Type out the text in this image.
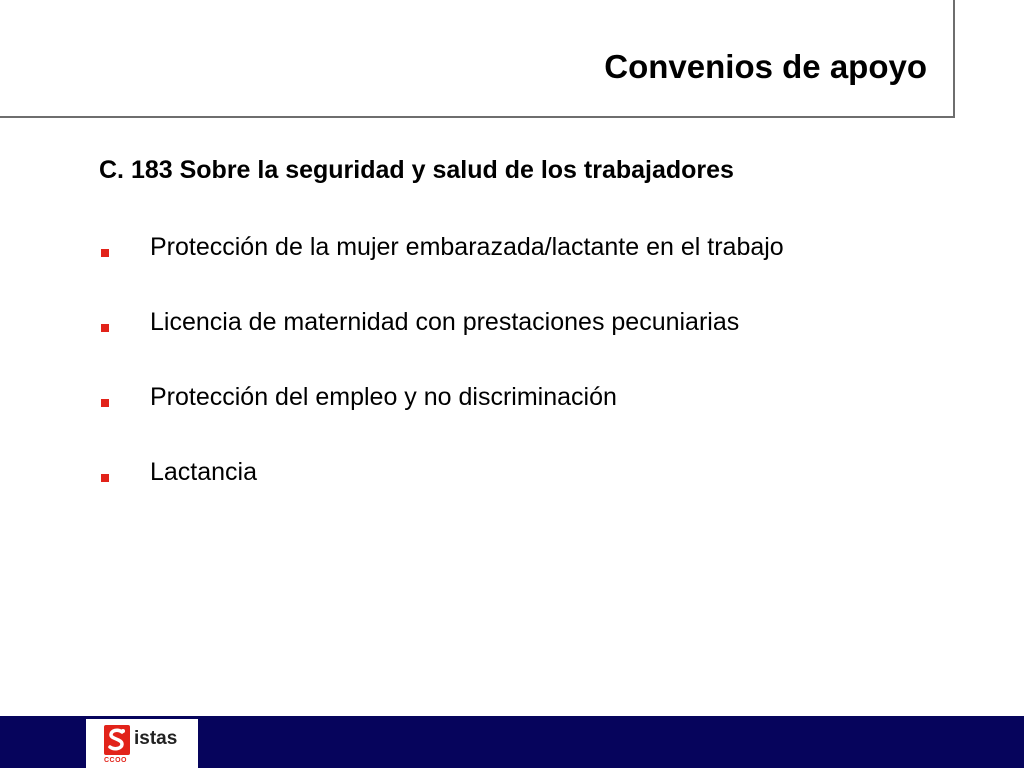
Convenios de apoyo
C. 183 Sobre la seguridad y salud de los trabajadores
Protección de la mujer embarazada/lactante en el trabajo
Licencia de maternidad con prestaciones pecuniarias
Protección del empleo y no discriminación
Lactancia
istas
CCOO
